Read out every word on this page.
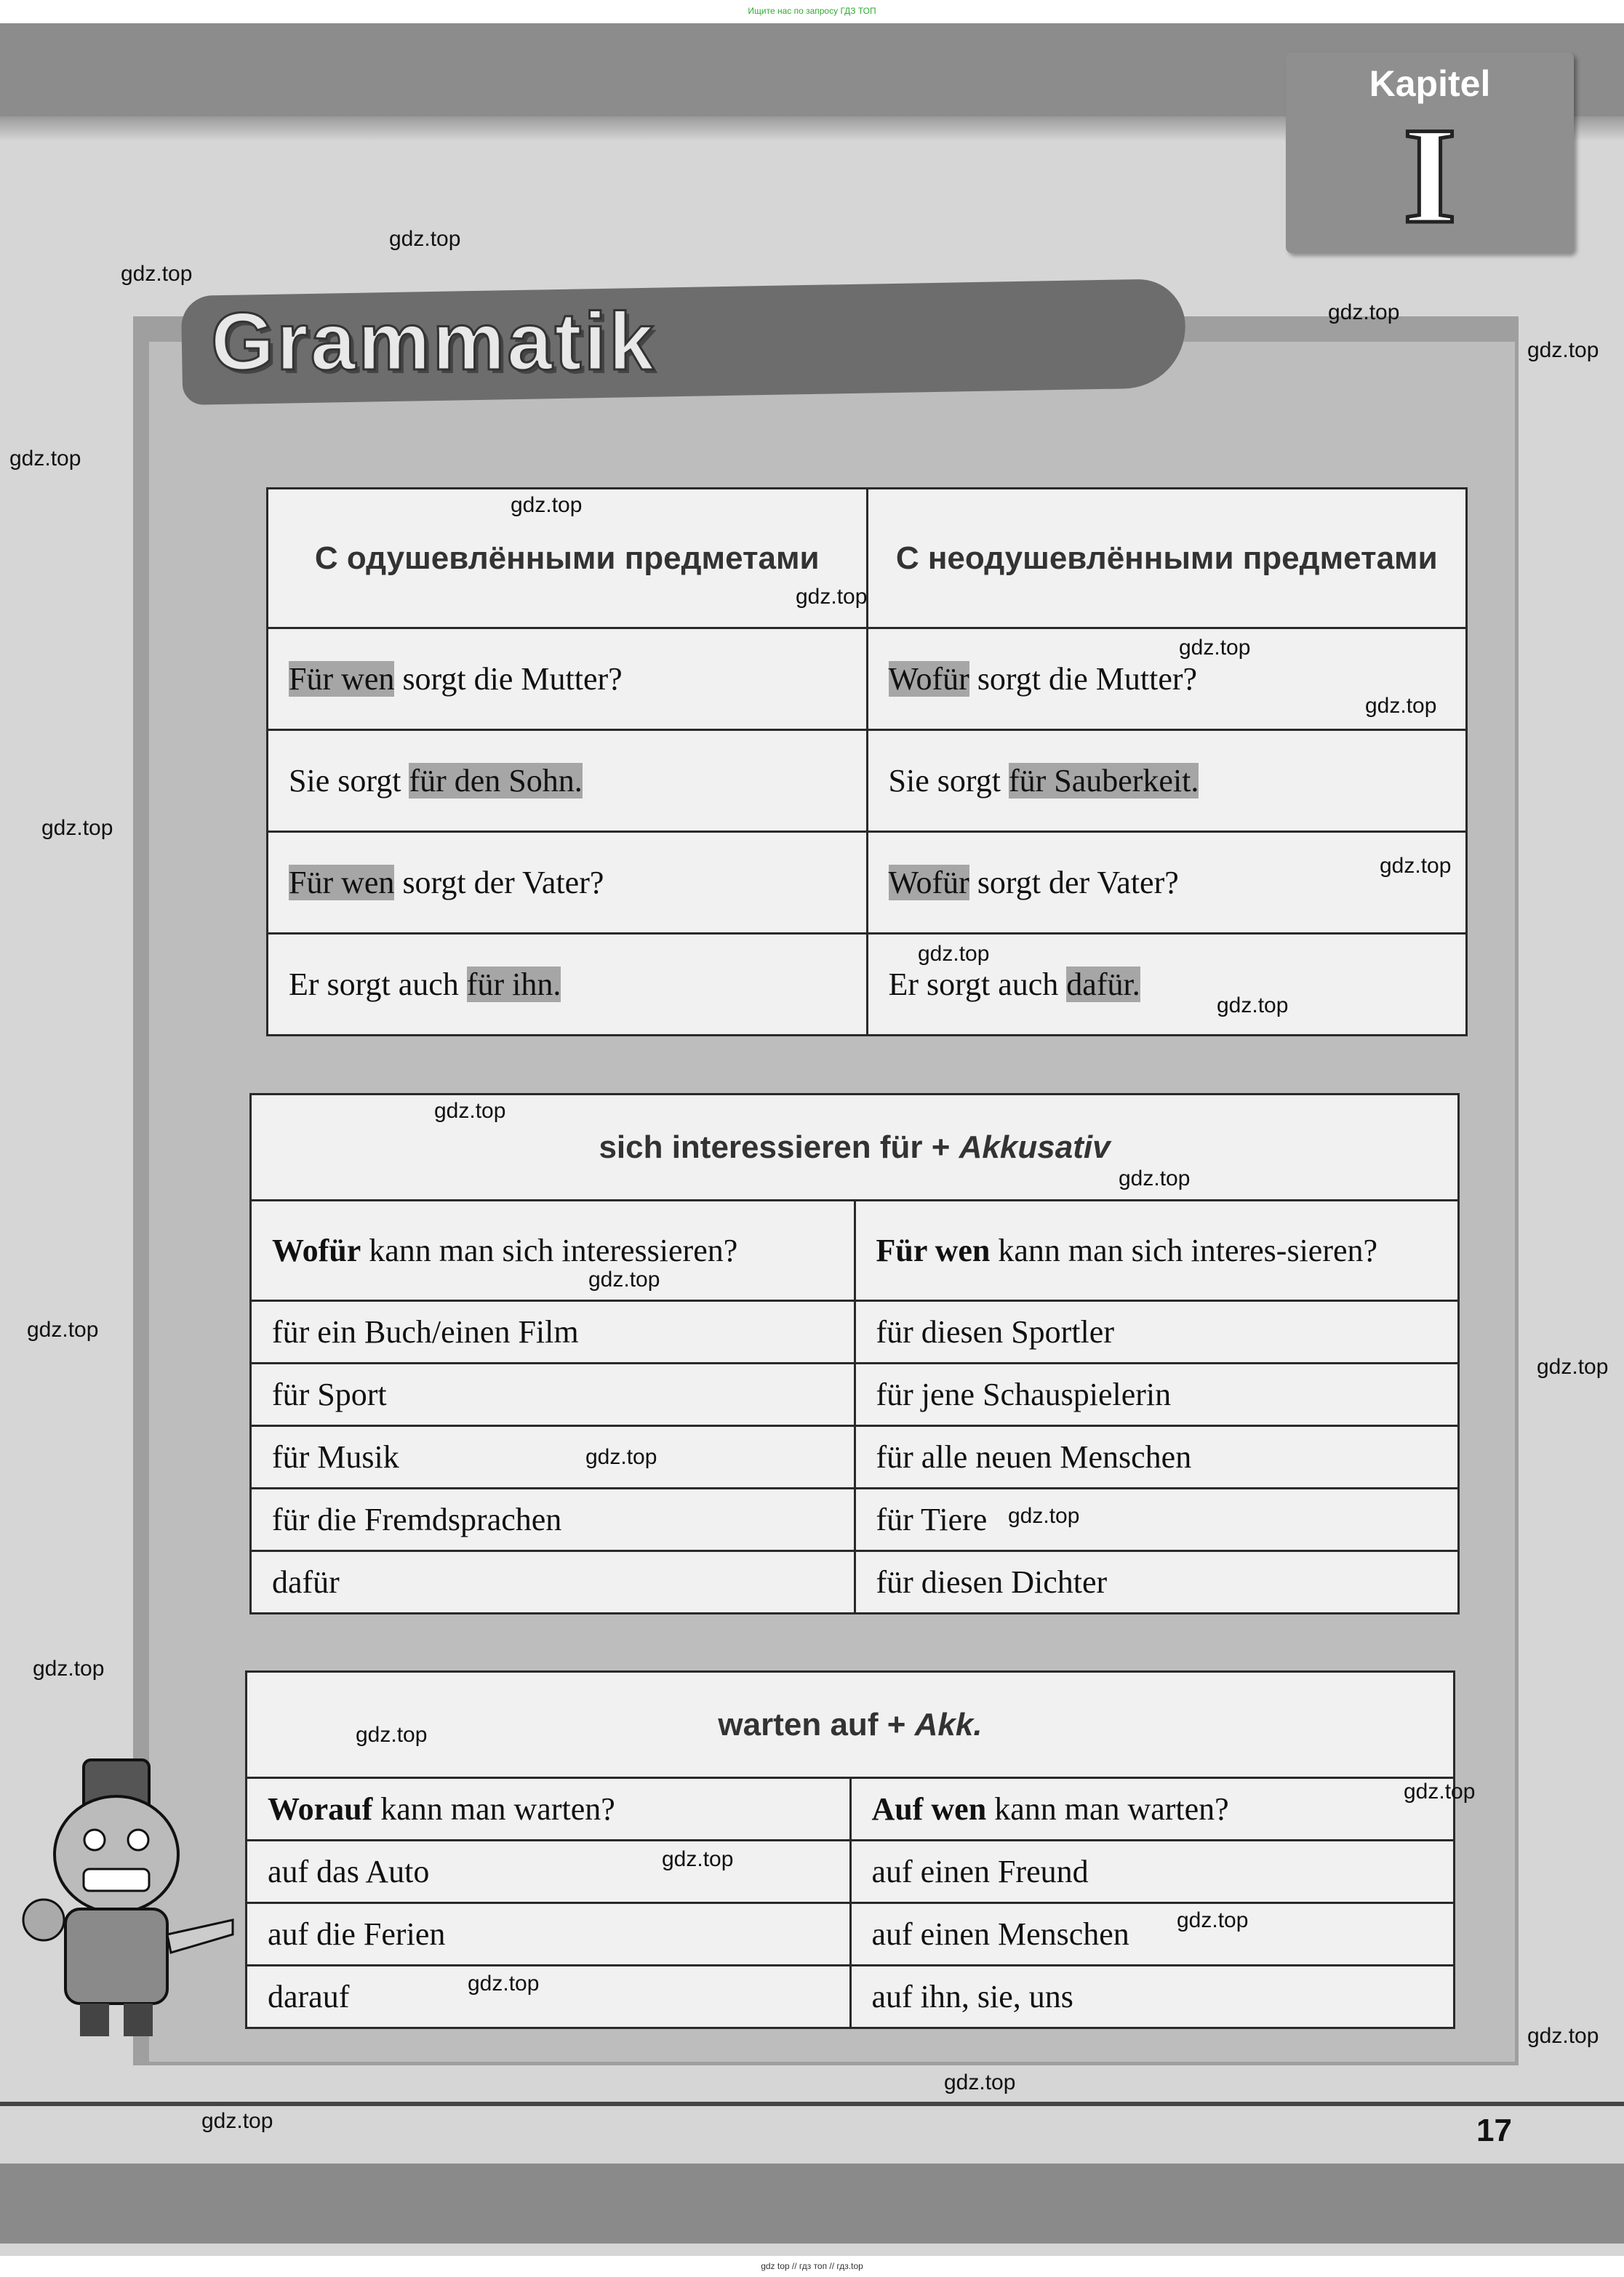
Ищите нас по запросу ГДЗ ТОП
Kapitel
I
Grammatik
С одушевлёнными предметами	С неодушевлёнными предметами
Für wen sorgt die Mutter?	Wofür sorgt die Mutter?
Sie sorgt für den Sohn.	Sie sorgt für Sauberkeit.
Für wen sorgt der Vater?	Wofür sorgt der Vater?
Er sorgt auch für ihn.	Er sorgt auch dafür.
sich interessieren für + Akkusativ	
Wofür kann man sich interessieren?	Für wen kann man sich interes-sieren?
für ein Buch/einen Film	für diesen Sportler
für Sport	für jene Schauspielerin
für Musik	für alle neuen Menschen
für die Fremdsprachen	für Tiere
dafür	für diesen Dichter
warten auf + Akk.	
Worauf kann man warten?	Auf wen kann man warten?
auf das Auto	auf einen Freund
auf die Ferien	auf einen Menschen
darauf	auf ihn, sie, uns
gdz.top
gdz.top
gdz.top
gdz.top
gdz.top
gdz.top
gdz.top
gdz.top
gdz.top
gdz.top
gdz.top
gdz.top
gdz.top
gdz.top
gdz.top
gdz.top
gdz.top
gdz.top
gdz.top
gdz.top
gdz.top
gdz.top
gdz.top
gdz.top
gdz.top
gdz.top
gdz.top
gdz.top
gdz.top	17
gdz top // гдз топ // гдз.top
